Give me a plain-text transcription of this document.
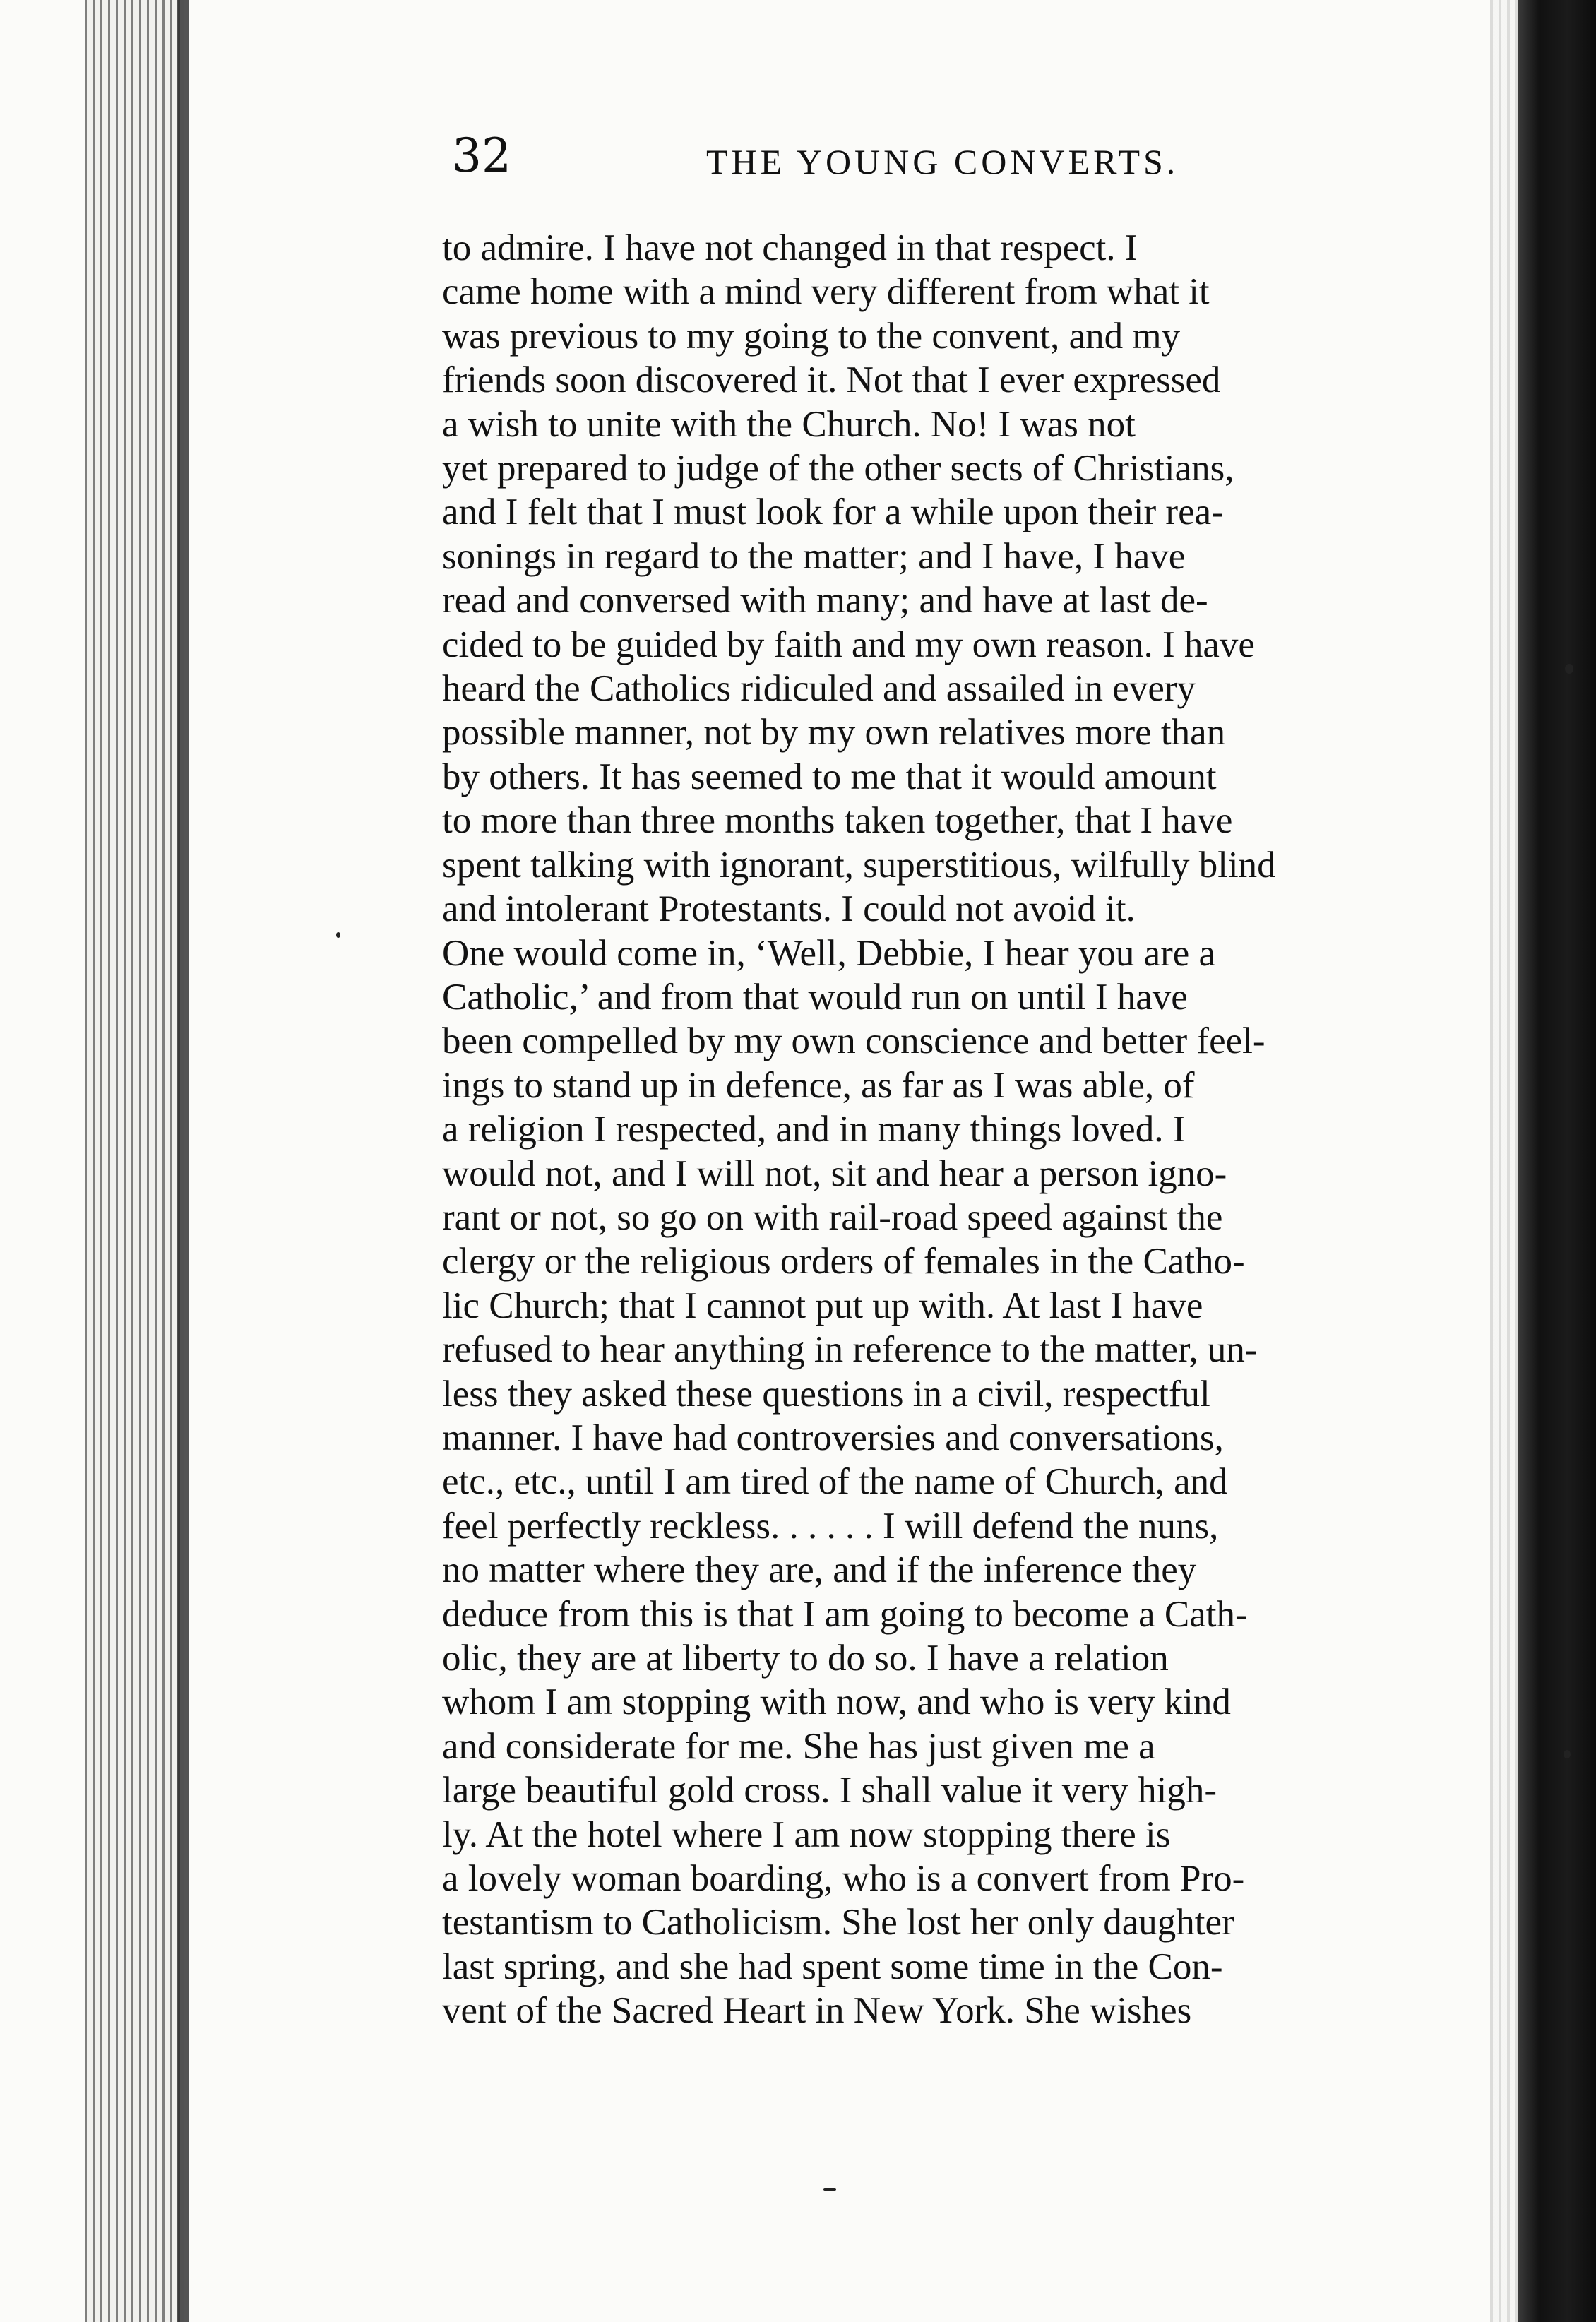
32	THE YOUNG CONVERTS.

to admire. I have not changed in that respect. I
came home with a mind very different from what it
was previous to my going to the convent, and my
friends soon discovered it. Not that I ever expressed
a wish to unite with the Church. No! I was not
yet prepared to judge of the other sects of Christians,
and I felt that I must look for a while upon their rea-
sonings in regard to the matter; and I have, I have
read and conversed with many; and have at last de-
cided to be guided by faith and my own reason. I have
heard the Catholics ridiculed and assailed in every
possible manner, not by my own relatives more than
by others. It has seemed to me that it would amount
to more than three months taken together, that I have
spent talking with ignorant, superstitious, wilfully blind
and intolerant Protestants. I could not avoid it.
One would come in, ‘Well, Debbie, I hear you are a
Catholic,’ and from that would run on until I have
been compelled by my own conscience and better feel-
ings to stand up in defence, as far as I was able, of
a religion I respected, and in many things loved. I
would not, and I will not, sit and hear a person igno-
rant or not, so go on with rail-road speed against the
clergy or the religious orders of females in the Catho-
lic Church; that I cannot put up with. At last I have
refused to hear anything in reference to the matter, un-
less they asked these questions in a civil, respectful
manner. I have had controversies and conversations,
etc., etc., until I am tired of the name of Church, and
feel perfectly reckless. . . . . . I will defend the nuns,
no matter where they are, and if the inference they
deduce from this is that I am going to become a Cath-
olic, they are at liberty to do so. I have a relation
whom I am stopping with now, and who is very kind
and considerate for me. She has just given me a
large beautiful gold cross. I shall value it very high-
ly. At the hotel where I am now stopping there is
a lovely woman boarding, who is a convert from Pro-
testantism to Catholicism. She lost her only daughter
last spring, and she had spent some time in the Con-
vent of the Sacred Heart in New York. She wishes
